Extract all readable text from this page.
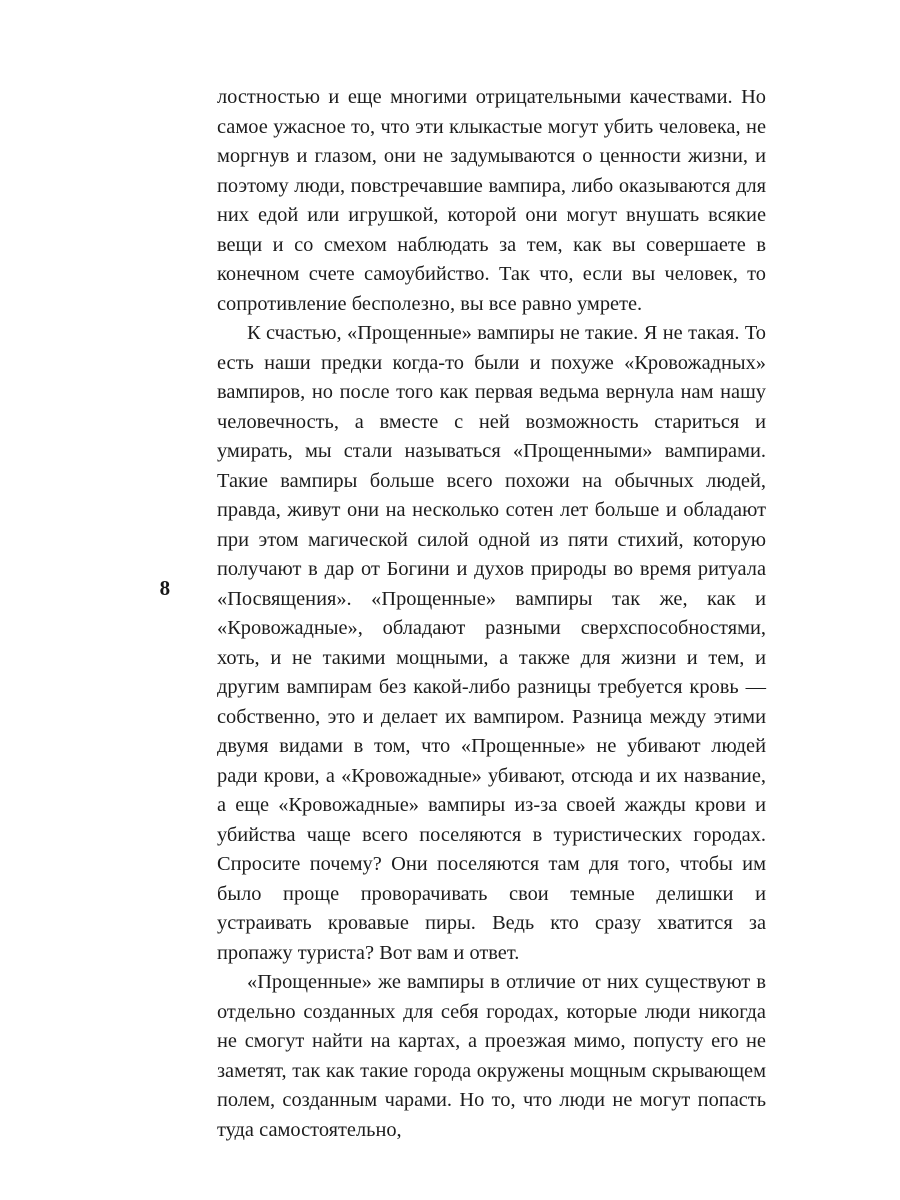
8

лостностью и еще многими отрицательными качествами. Но самое ужасное то, что эти клыкастые могут убить человека, не моргнув и глазом, они не задумываются о ценности жизни, и поэтому люди, повстречавшие вампира, либо оказываются для них едой или игрушкой, которой они могут внушать всякие вещи и со смехом наблюдать за тем, как вы совершаете в конечном счете самоубийство. Так что, если вы человек, то сопротивление бесполезно, вы все равно умрете.

К счастью, «Прощенные» вампиры не такие. Я не такая. То есть наши предки когда-то были и похуже «Кровожадных» вампиров, но после того как первая ведьма вернула нам нашу человечность, а вместе с ней возможность стариться и умирать, мы стали называться «Прощенными» вампирами. Такие вампиры больше всего похожи на обычных людей, правда, живут они на несколько сотен лет больше и обладают при этом магической силой одной из пяти стихий, которую получают в дар от Богини и духов природы во время ритуала «Посвящения». «Прощенные» вампиры так же, как и «Кровожадные», обладают разными сверхспособностями, хоть, и не такими мощными, а также для жизни и тем, и другим вампирам без какой-либо разницы требуется кровь — собственно, это и делает их вампиром. Разница между этими двумя видами в том, что «Прощенные» не убивают людей ради крови, а «Кровожадные» убивают, отсюда и их название, а еще «Кровожадные» вампиры из-за своей жажды крови и убийства чаще всего поселяются в туристических городах. Спросите почему? Они поселяются там для того, чтобы им было проще проворачивать свои темные делишки и устраивать кровавые пиры. Ведь кто сразу хватится за пропажу туриста? Вот вам и ответ.

«Прощенные» же вампиры в отличие от них существуют в отдельно созданных для себя городах, которые люди никогда не смогут найти на картах, а проезжая мимо, попусту его не заметят, так как такие города окружены мощным скрывающем полем, созданным чарами. Но то, что люди не могут попасть туда самостоятельно,
